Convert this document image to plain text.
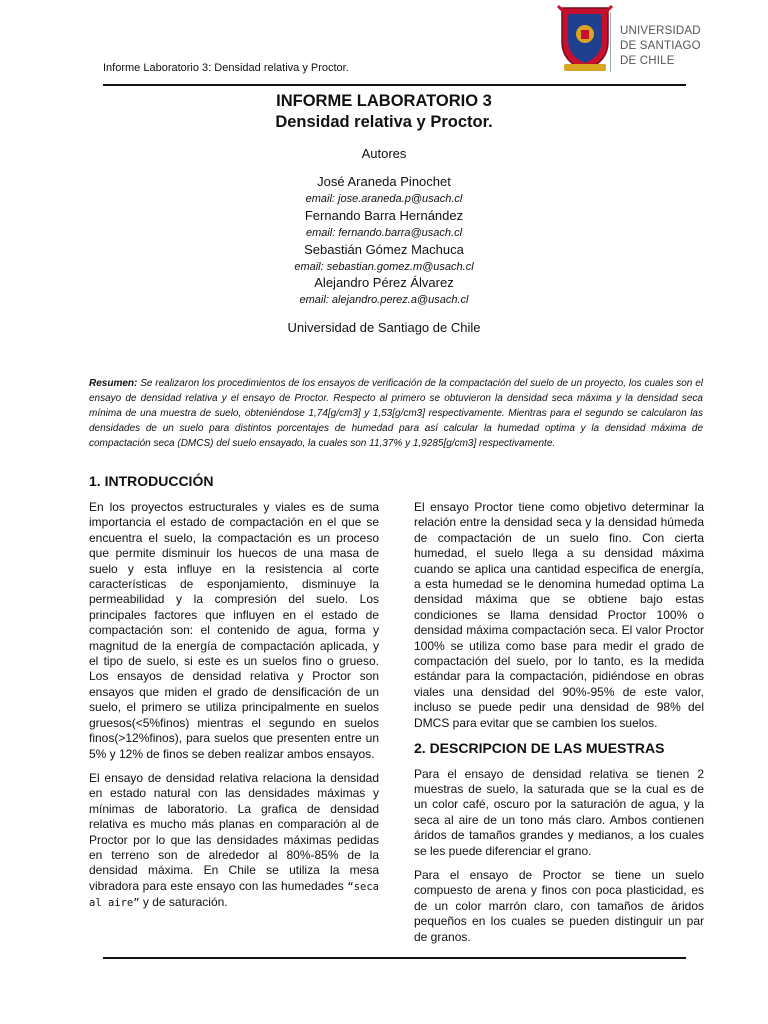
Informe Laboratorio 3: Densidad relativa y Proctor.
UNIVERSIDAD
DE SANTIAGO
DE CHILE
INFORME LABORATORIO 3
Densidad relativa y Proctor.
Autores
José Araneda Pinochet
email: jose.araneda.p@usach.cl
Fernando Barra Hernández
email: fernando.barra@usach.cl
Sebastián Gómez Machuca
email: sebastian.gomez.m@usach.cl
Alejandro Pérez Álvarez
email: alejandro.perez.a@usach.cl
Universidad de Santiago de Chile
Resumen: Se realizaron los procedimientos de los ensayos de verificación de la compactación del suelo de un proyecto, los cuales son el ensayo de densidad relativa y el ensayo de Proctor. Respecto al primero se obtuvieron la densidad seca máxima y la densidad seca mínima de una muestra de suelo, obteniéndose 1,74[g/cm3] y 1,53[g/cm3] respectivamente. Mientras para el segundo se calcularon las densidades de un suelo para distintos porcentajes de humedad para así calcular la humedad optima y la densidad máxima de compactación seca (DMCS) del suelo ensayado, la cuales son 11,37% y 1,9285[g/cm3] respectivamente.
1. INTRODUCCIÓN

En los proyectos estructurales y viales es de suma importancia el estado de compactación en el que se encuentra el suelo, la compactación es un proceso que permite disminuir los huecos de una masa de suelo y esta influye en la resistencia al corte características de esponjamiento, disminuye la permeabilidad y la compresión del suelo. Los principales factores que influyen en el estado de compactación son: el contenido de agua, forma y magnitud de la energía de compactación aplicada, y el tipo de suelo, si este es un suelos fino o grueso. Los ensayos de densidad relativa y Proctor son ensayos que miden el grado de densificación de un suelo, el primero se utiliza principalmente en suelos gruesos(<5%finos) mientras el segundo en suelos finos(>12%finos), para suelos que presenten entre un 5% y 12% de finos se deben realizar ambos ensayos.

El ensayo de densidad relativa relaciona la densidad en estado natural con las densidades máximas y mínimas de laboratorio. La grafica de densidad relativa es mucho más planas en comparación al de Proctor por lo que las densidades máximas pedidas en terreno son de alrededor al 80%-85% de la densidad máxima. En Chile se utiliza la mesa vibradora para este ensayo con las humedades “seca al aire” y de saturación.

El ensayo Proctor tiene como objetivo determinar la relación entre la densidad seca y la densidad húmeda de compactación de un suelo fino. Con cierta humedad, el suelo llega a su densidad máxima cuando se aplica una cantidad especifica de energía, a esta humedad se le denomina humedad optima La densidad máxima que se obtiene bajo estas condiciones se llama densidad Proctor 100% o densidad máxima compactación seca. El valor Proctor 100% se utiliza como base para medir el grado de compactación del suelo, por lo tanto, es la medida estándar para la compactación, pidiéndose en obras viales una densidad del 90%-95% de este valor, incluso se puede pedir una densidad de 98% del DMCS para evitar que se cambien los suelos.

2. DESCRIPCION DE LAS MUESTRAS

Para el ensayo de densidad relativa se tienen 2 muestras de suelo, la saturada que se la cual es de un color café, oscuro por la saturación de agua, y la seca al aire de un tono más claro. Ambos contienen áridos de tamaños grandes y medianos, a los cuales se les puede diferenciar el grano.

Para el ensayo de Proctor se tiene un suelo compuesto de arena y finos con poca plasticidad, es de un color marrón claro, con tamaños de áridos pequeños en los cuales se pueden distinguir un par de granos.
